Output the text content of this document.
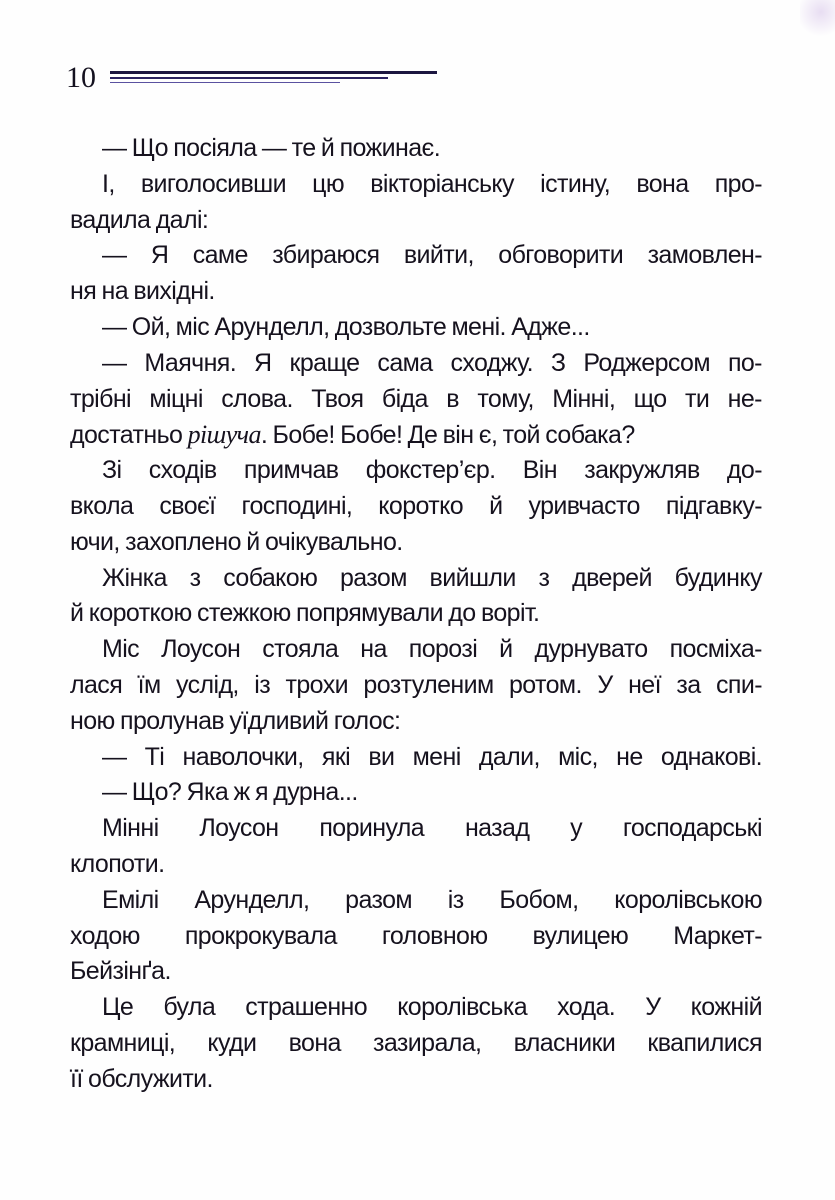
10
— Що посіяла — те й пожинає.
І, виголосивши цю вікторіанську істину, вона про-
вадила далі:
— Я саме збираюся вийти, обговорити замовлен-
ня на вихідні.
— Ой, міс Арунделл, дозвольте мені. Адже...
— Маячня. Я краще сама сходжу. З Роджерсом по-
трібні міцні слова. Твоя біда в тому, Мінні, що ти не-
достатньо рішуча. Бобе! Бобе! Де він є, той собака?
Зі сходів примчав фокстер’єр. Він закружляв до-
вкола своєї господині, коротко й уривчасто підгавку-
ючи, захоплено й очікувально.
Жінка з собакою разом вийшли з дверей будинку
й короткою стежкою попрямували до воріт.
Міс Лоусон стояла на порозі й дурнувато посміха-
лася їм услід, із трохи розтуленим ротом. У неї за спи-
ною пролунав уїдливий голос:
— Ті наволочки, які ви мені дали, міс, не однакові.
— Що? Яка ж я дурна...
Мінні Лоусон поринула назад у господарські
клопоти.
Емілі Арунделл, разом із Бобом, королівською
ходою прокрокувала головною вулицею Маркет-
Бейзінґа.
Це була страшенно королівська хода. У кожній
крамниці, куди вона зазирала, власники квапилися
її обслужити.
